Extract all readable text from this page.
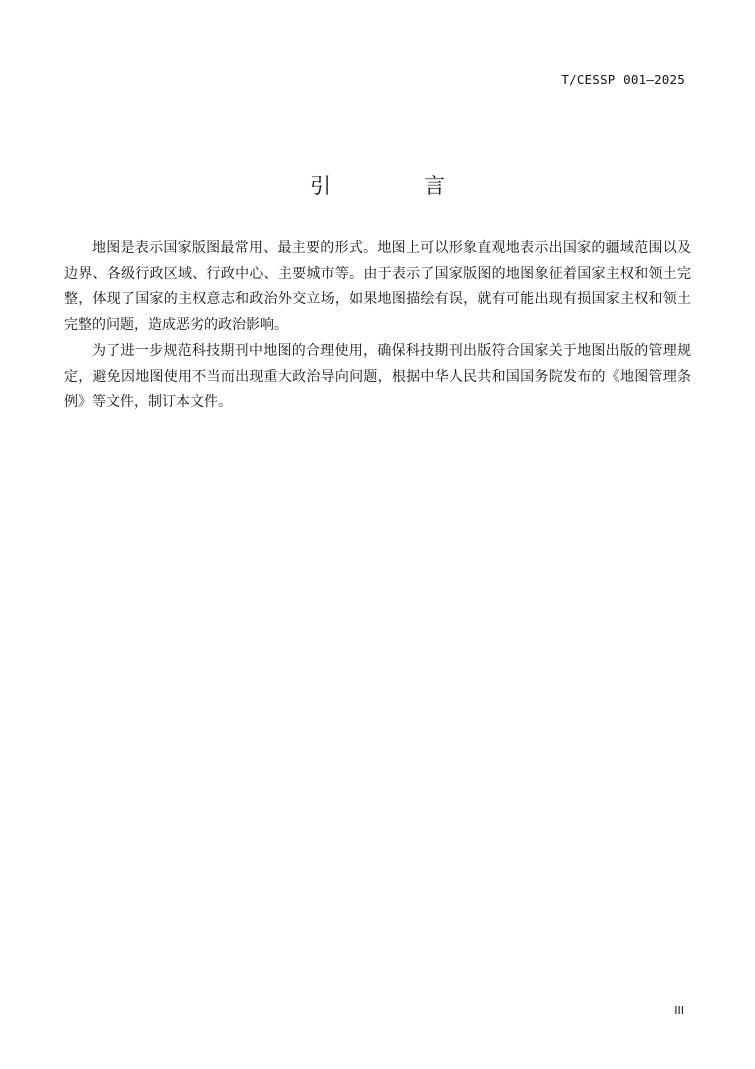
T/CESSP 001—2025
引　言

地图是表示国家版图最常用、最主要的形式。地图上可以形象直观地表示出国家的疆域范围以及边界、各级行政区域、行政中心、主要城市等。由于表示了国家版图的地图象征着国家主权和领土完整，体现了国家的主权意志和政治外交立场，如果地图描绘有误，就有可能出现有损国家主权和领土完整的问题，造成恶劣的政治影响。

为了进一步规范科技期刊中地图的合理使用，确保科技期刊出版符合国家关于地图出版的管理规定，避免因地图使用不当而出现重大政治导向问题，根据中华人民共和国国务院发布的《地图管理条例》等文件，制订本文件。

III
